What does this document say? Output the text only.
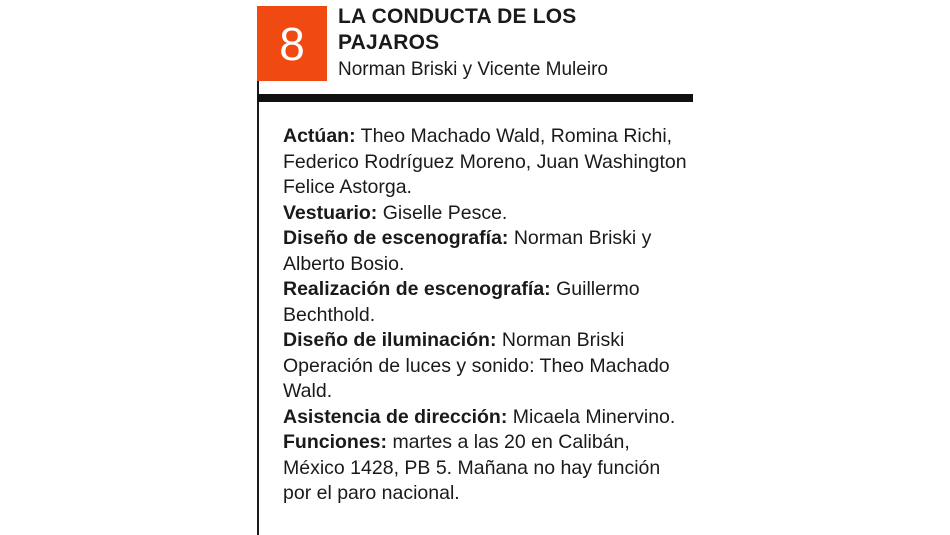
8
LA CONDUCTA DE LOS PAJAROS
Norman Briski y Vicente Muleiro
Actúan: Theo Machado Wald, Romina Richi, Federico Rodríguez Moreno, Juan Washington Felice Astorga.
Vestuario: Giselle Pesce.
Diseño de escenografía: Norman Briski y Alberto Bosio.
Realización de escenografía: Guillermo Bechthold.
Diseño de iluminación: Norman Briski Operación de luces y sonido: Theo Machado Wald.
Asistencia de dirección: Micaela Minervino.
Funciones: martes a las 20 en Calibán, México 1428, PB 5. Mañana no hay función por el paro nacional.
